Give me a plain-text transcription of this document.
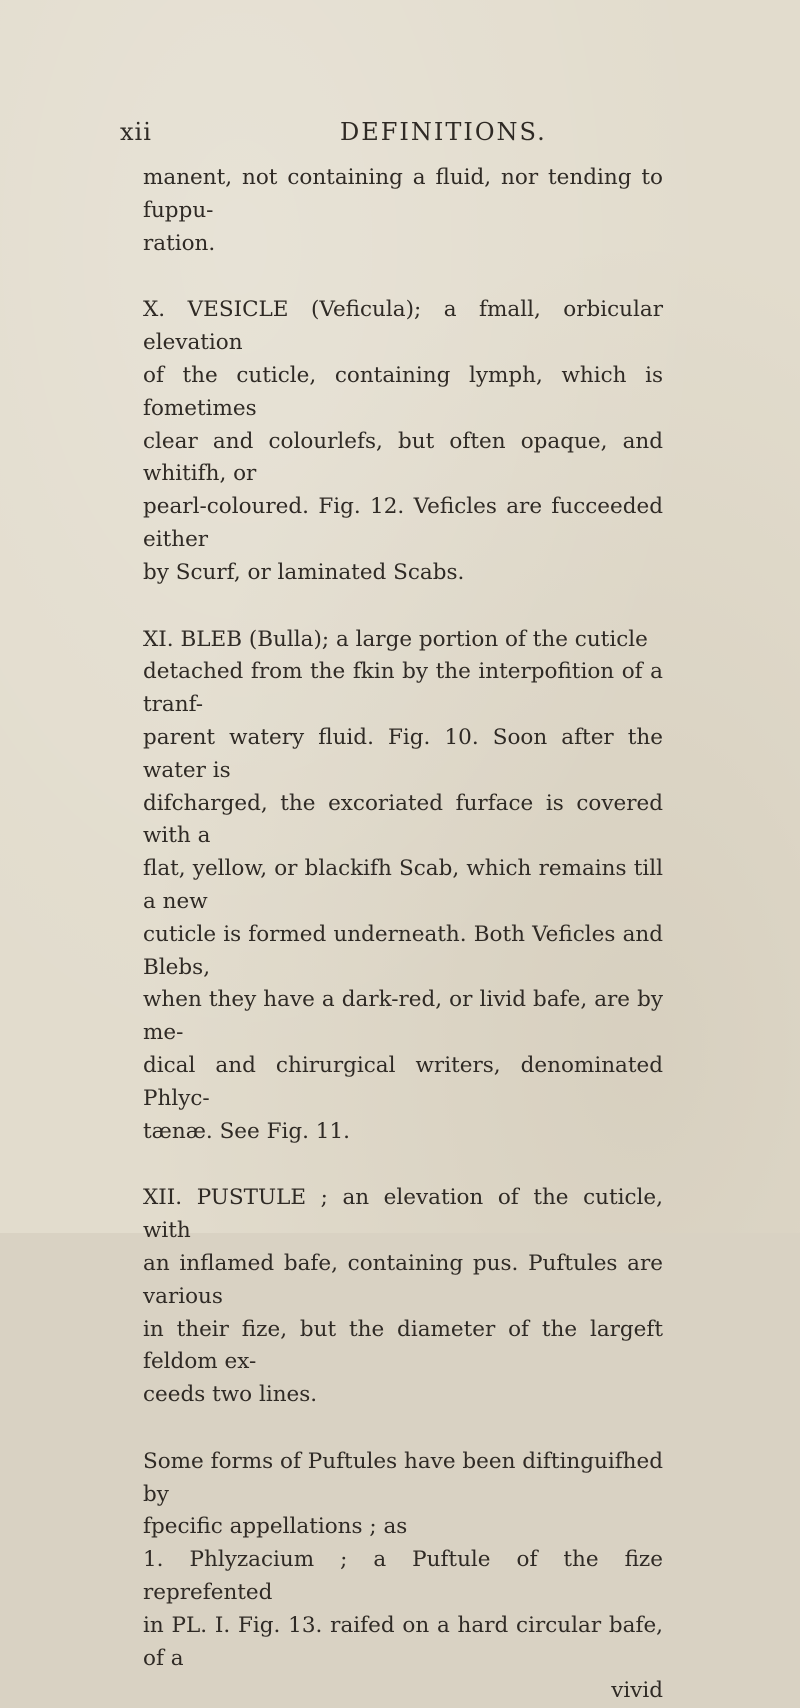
xii	DEFINITIONS.

manent, not containing a fluid, nor tending to fuppu-
ration.

X. VESICLE (Veficula); a fmall, orbicular elevation
of the cuticle, containing lymph, which is fometimes
clear and colourlefs, but often opaque, and whitifh, or
pearl-coloured. Fig. 12. Veficles are fucceeded either
by Scurf, or laminated Scabs.

XI. BLEB (Bulla); a large portion of the cuticle
detached from the fkin by the interpofition of a tranf-
parent watery fluid. Fig. 10. Soon after the water is
difcharged, the excoriated furface is covered with a
flat, yellow, or blackifh Scab, which remains till a new
cuticle is formed underneath. Both Veficles and Blebs,
when they have a dark-red, or livid bafe, are by me-
dical and chirurgical writers, denominated Phlyc-
tænæ. See Fig. 11.

XII. PUSTULE ; an elevation of the cuticle, with
an inflamed bafe, containing pus. Puftules are various
in their fize, but the diameter of the largeft feldom ex-
ceeds two lines.

Some forms of Puftules have been diftinguifhed by
fpecific appellations ; as
1. Phlyzacium ; a Puftule of the fize reprefented
in PL. I. Fig. 13. raifed on a hard circular bafe, of a

vivid
